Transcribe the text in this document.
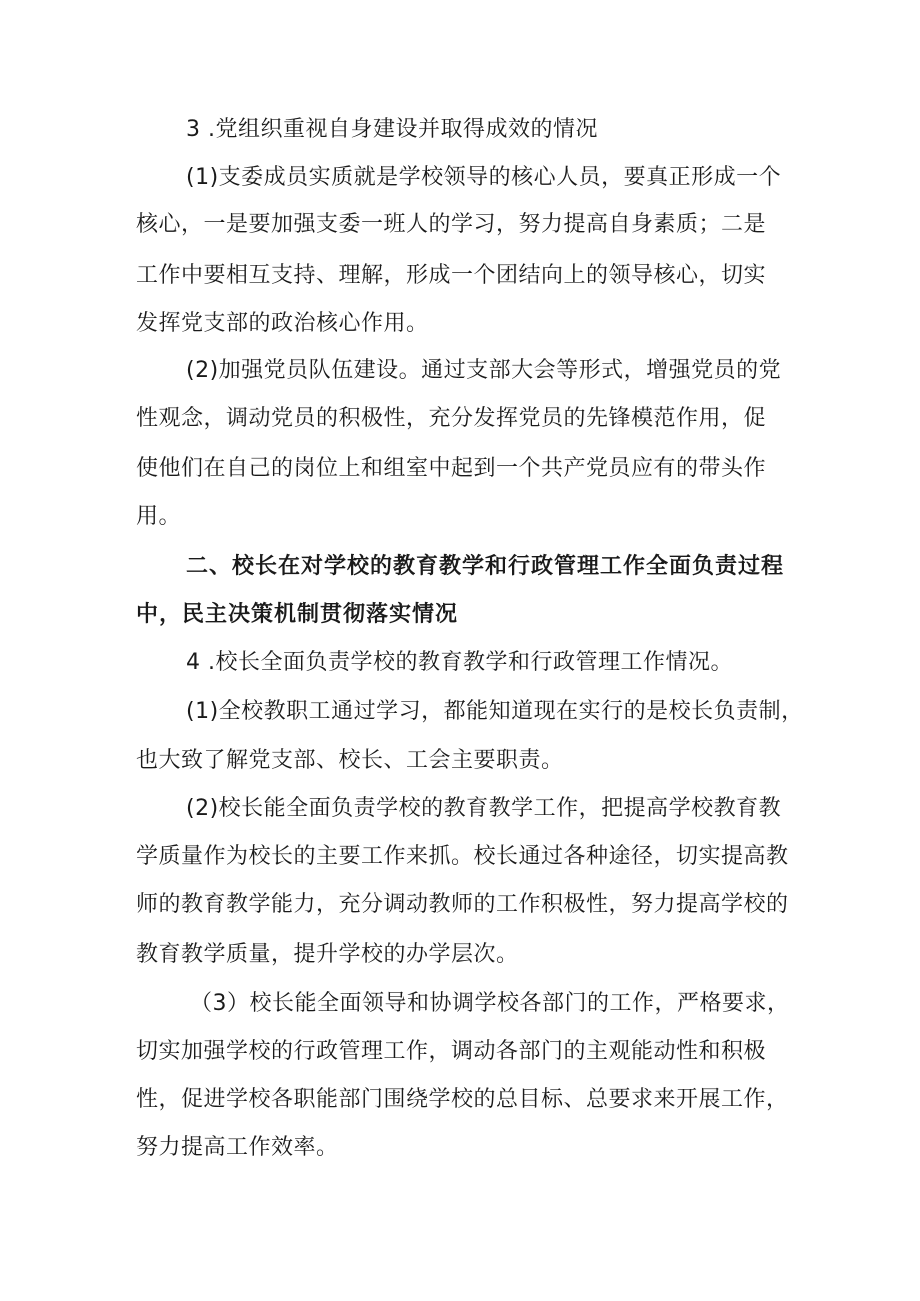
3 .党组织重视自身建设并取得成效的情况
(1)支委成员实质就是学校领导的核心人员，要真正形成一个
核心，一是要加强支委一班人的学习，努力提高自身素质；二是
工作中要相互支持、理解，形成一个团结向上的领导核心，切实
发挥党支部的政治核心作用。
(2)加强党员队伍建设。通过支部大会等形式，增强党员的党
性观念，调动党员的积极性，充分发挥党员的先锋模范作用，促
使他们在自己的岗位上和组室中起到一个共产党员应有的带头作
用。
二、校长在对学校的教育教学和行政管理工作全面负责过程
中，民主决策机制贯彻落实情况
4 .校长全面负责学校的教育教学和行政管理工作情况。
(1)全校教职工通过学习，都能知道现在实行的是校长负责制，
也大致了解党支部、校长、工会主要职责。
(2)校长能全面负责学校的教育教学工作，把提高学校教育教
学质量作为校长的主要工作来抓。校长通过各种途径，切实提高教
师的教育教学能力，充分调动教师的工作积极性，努力提高学校的
教育教学质量，提升学校的办学层次。
（3）校长能全面领导和协调学校各部门的工作，严格要求，
切实加强学校的行政管理工作，调动各部门的主观能动性和积极
性，促进学校各职能部门围绕学校的总目标、总要求来开展工作，
努力提高工作效率。
